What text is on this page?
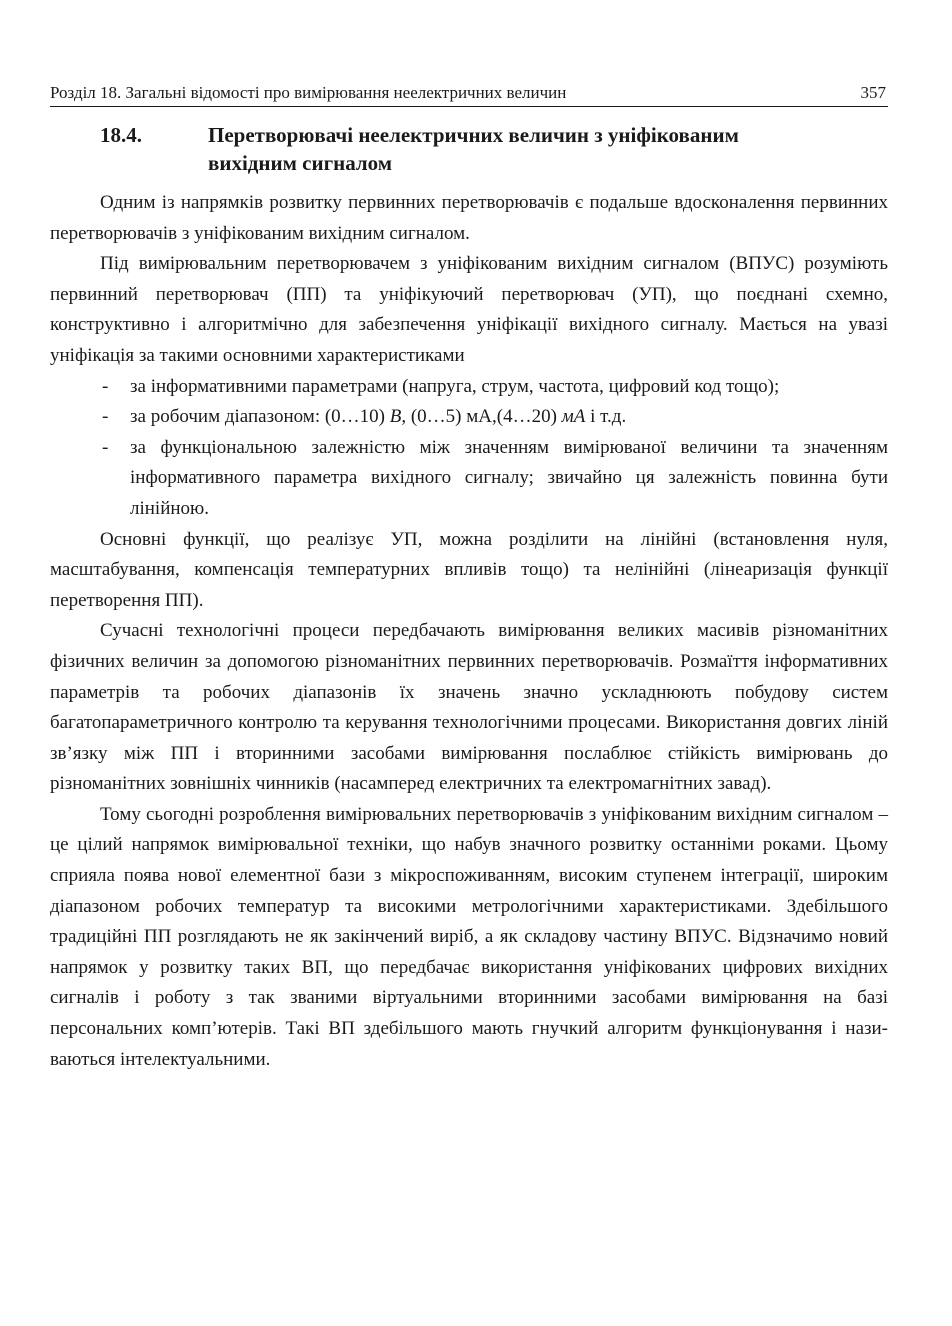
Розділ 18. Загальні відомості про вимірювання неелектричних величин	357
18.4.	Перетворювачі неелектричних величин з уніфікованим вихідним сигналом

Одним із напрямків розвитку первинних перетворювачів є подальше вдосконалення первинних перетворювачів з уніфікованим вихідним сигналом.

Під вимірювальним перетворювачем з уніфікованим вихідним сигналом (ВПУС) розуміють первинний перетворювач (ПП) та уніфікуючий перетворювач (УП), що поєднані схемно, конструктивно і алгоритмічно для забезпечення уніфікації вихідного сигналу. Мається на увазі уніфікація за такими основними характеристиками

- за інформативними параметрами (напруга, струм, частота, цифровий код тощо);
- за робочим діапазоном: (0…10) В, (0…5) мА,(4…20) мА і т.д.
- за функціональною залежністю між значенням вимірюваної величини та значенням інформативного параметра вихідного сигналу; звичайно ця залежність повинна бути лінійною.

Основні функції, що реалізує УП, можна розділити на лінійні (встановлення нуля, масштабування, компенсація температурних впливів тощо) та нелінійні (лінеаризація функції перетворення ПП).

Сучасні технологічні процеси передбачають вимірювання великих масивів різноманітних фізичних величин за допомогою різноманітних первинних перетворювачів. Розмаїття інформативних параметрів та робочих діапазонів їх значень значно ускладнюють побудову систем багатопараметричного контролю та керування технологічними процесами. Використання довгих ліній зв’язку між ПП і вторинними засобами вимірювання послаблює стійкість вимірювань до різноманітних зовнішніх чинників (насамперед електричних та електромагнітних завад).

Тому сьогодні розроблення вимірювальних перетворювачів з уніфікованим вихідним сигналом – це цілий напрямок вимірювальної техніки, що набув значного розвитку останніми роками. Цьому сприяла поява нової елементної бази з мікроспоживанням, високим ступенем інтеграції, широким діапазоном робочих температур та високими метрологічними характеристиками. Здебільшого традиційні ПП розглядають не як закінчений виріб, а як складову частину ВПУС. Відзначимо новий напрямок у розвитку таких ВП, що передбачає використання уніфікованих цифрових вихідних сигналів і роботу з так званими віртуальними вторинними засобами вимірювання на базі персональних комп’ютерів. Такі ВП здебільшого мають гнучкий алгоритм функціонування і називаються інтелектуальними.
